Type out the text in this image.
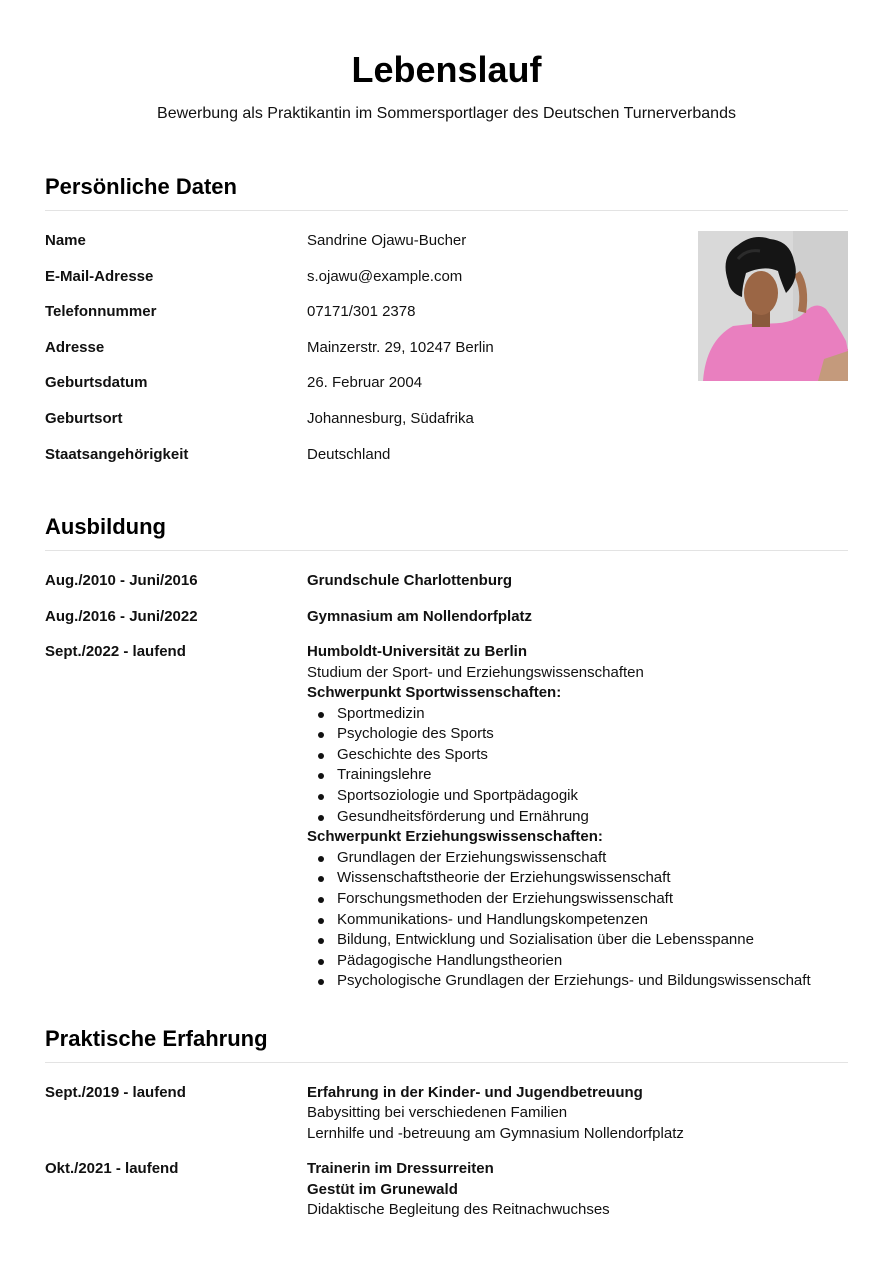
Lebenslauf
Bewerbung als Praktikantin im Sommersportlager des Deutschen Turnerverbands
Persönliche Daten
Name	Sandrine Ojawu-Bucher
E-Mail-Adresse	s.ojawu@example.com
Telefonnummer	07171/301 2378
Adresse	Mainzerstr. 29, 10247 Berlin
Geburtsdatum	26. Februar 2004
Geburtsort	Johannesburg, Südafrika
Staatsangehörigkeit	Deutschland
Ausbildung
Aug./2010 - Juni/2016	Grundschule Charlottenburg
Aug./2016 - Juni/2022	Gymnasium am Nollendorfplatz
Sept./2022 - laufend	Humboldt-Universität zu Berlin
Studium der Sport- und Erziehungswissenschaften
Schwerpunkt Sportwissenschaften:
Sportmedizin
Psychologie des Sports
Geschichte des Sports
Trainingslehre
Sportsoziologie und Sportpädagogik
Gesundheitsförderung und Ernährung
Schwerpunkt Erziehungswissenschaften:
Grundlagen der Erziehungswissenschaft
Wissenschaftstheorie der Erziehungswissenschaft
Forschungsmethoden der Erziehungswissenschaft
Kommunikations- und Handlungskompetenzen
Bildung, Entwicklung und Sozialisation über die Lebensspanne
Pädagogische Handlungstheorien
Psychologische Grundlagen der Erziehungs- und Bildungswissenschaft
Praktische Erfahrung
Sept./2019 - laufend	Erfahrung in der Kinder- und Jugendbetreuung
Babysitting bei verschiedenen Familien
Lernhilfe und -betreuung am Gymnasium Nollendorfplatz
Okt./2021 - laufend	Trainerin im Dressurreiten
Gestüt im Grunewald
Didaktische Begleitung des Reitnachwuchses
